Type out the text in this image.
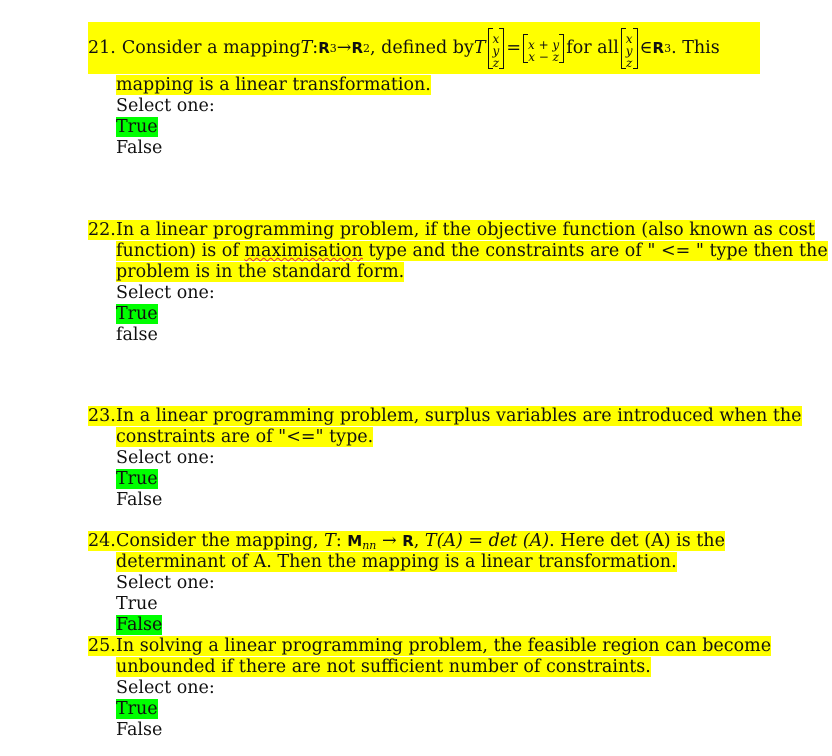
21. Consider a mapping T : R 3 → R 2 , defined by T x
y
z
= x + y
x − z for all x
y
z
∈ R 3 . This
mapping is a linear transformation.
Select one:
True
False
22. In a linear programming problem, if the objective function (also known as cost
function) is of maximisation type and the constraints are of " <= " type then the
problem is in the standard form.
Select one:
True
false
23. In a linear programming problem, surplus variables are introduced when the
constraints are of "<=" type.
Select one:
True
False
24. Consider the mapping, T: $M_{nn} \to R$, T(A) = det (A). Here det (A) is the
determinant of A. Then the mapping is a linear transformation.
Select one:
True
False
25. In solving a linear programming problem, the feasible region can become
unbounded if there are not sufficient number of constraints.
Select one:
True
False
